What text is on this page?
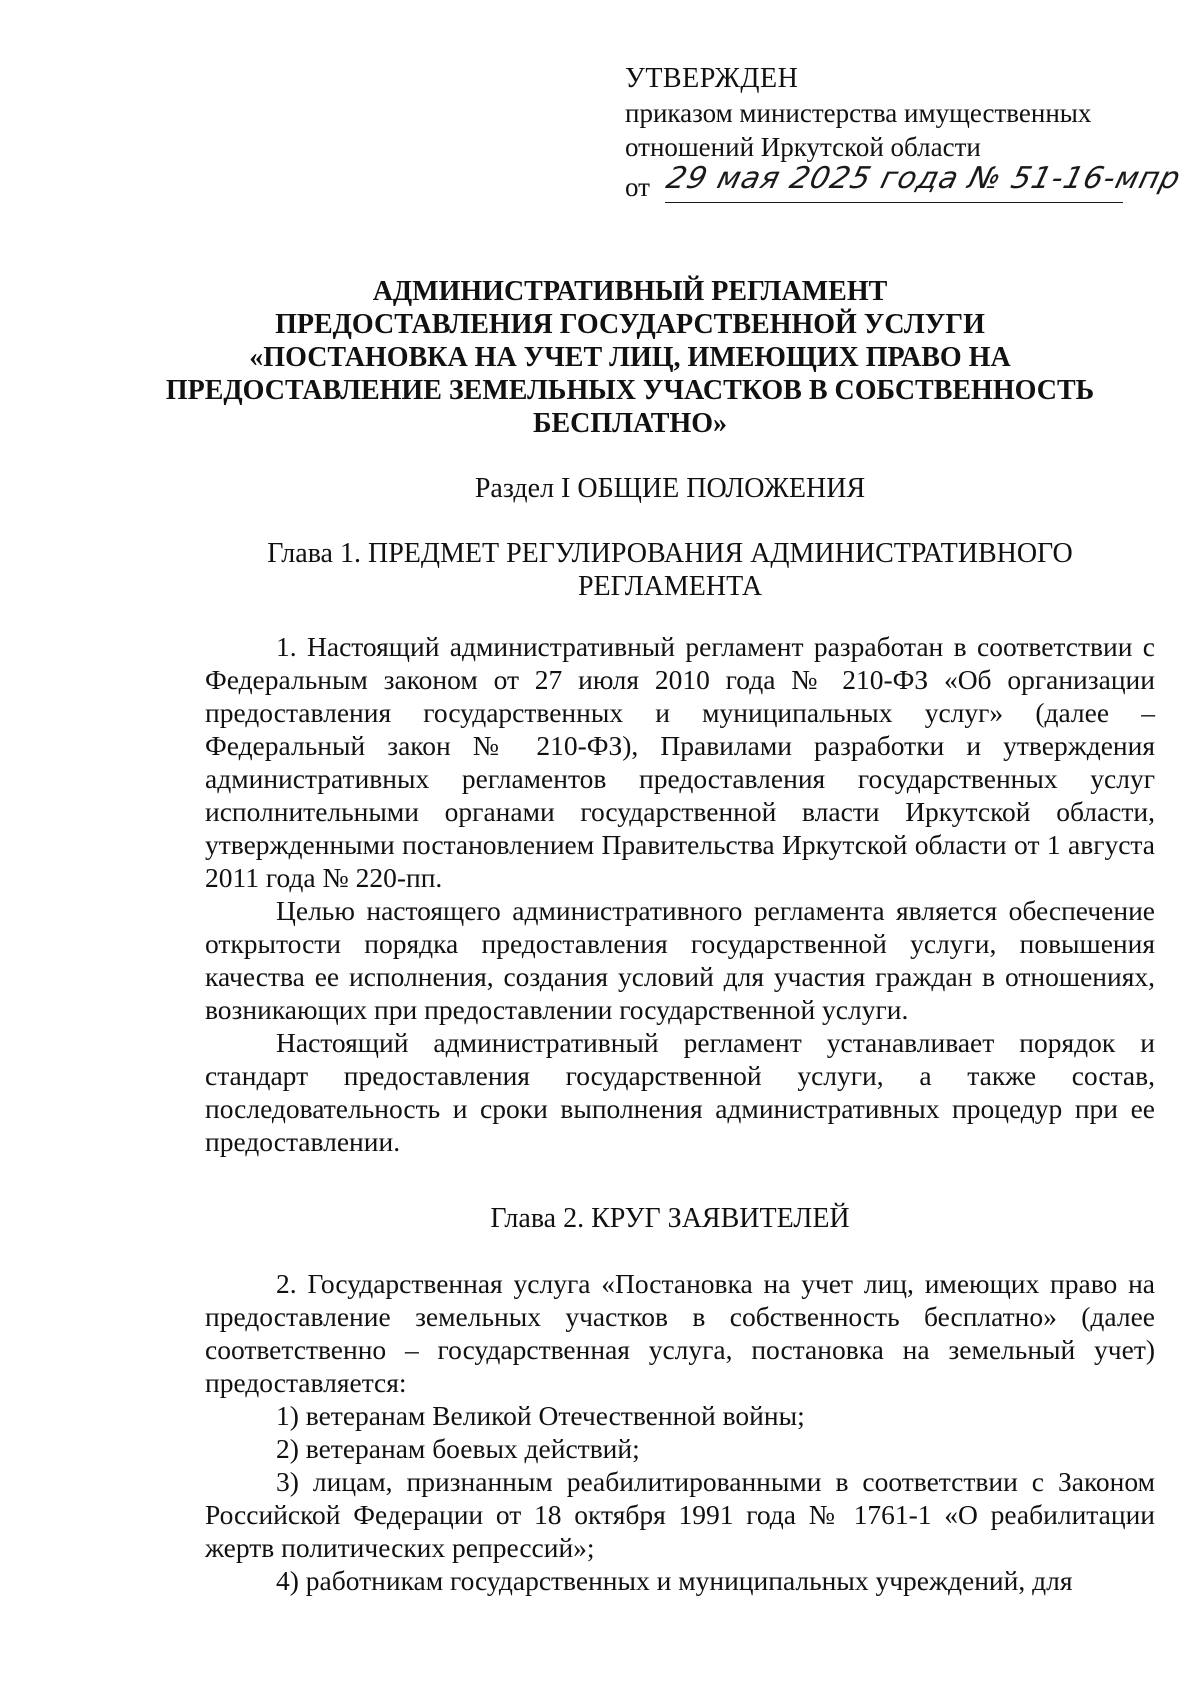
УТВЕРЖДЕН
приказом министерства имущественных
отношений Иркутской области
от 29 мая 2025 года № 51-16-мпр
АДМИНИСТРАТИВНЫЙ РЕГЛАМЕНТ
ПРЕДОСТАВЛЕНИЯ ГОСУДАРСТВЕННОЙ УСЛУГИ
«ПОСТАНОВКА НА УЧЕТ ЛИЦ, ИМЕЮЩИХ ПРАВО НА
ПРЕДОСТАВЛЕНИЕ ЗЕМЕЛЬНЫХ УЧАСТКОВ В СОБСТВЕННОСТЬ
БЕСПЛАТНО»
Раздел I ОБЩИЕ ПОЛОЖЕНИЯ
Глава 1. ПРЕДМЕТ РЕГУЛИРОВАНИЯ АДМИНИСТРАТИВНОГО
РЕГЛАМЕНТА

1. Настоящий административный регламент разработан в соответствии с Федеральным законом от 27 июля 2010 года № 210-ФЗ «Об организации предоставления государственных и муниципальных услуг» (далее – Федеральный закон № 210-ФЗ), Правилами разработки и утверждения административных регламентов предоставления государственных услуг исполнительными органами государственной власти Иркутской области, утвержденными постановлением Правительства Иркутской области от 1 августа 2011 года № 220-пп.

Целью настоящего административного регламента является обеспечение открытости порядка предоставления государственной услуги, повышения качества ее исполнения, создания условий для участия граждан в отношениях, возникающих при предоставлении государственной услуги.

Настоящий административный регламент устанавливает порядок и стандарт предоставления государственной услуги, а также состав, последовательность и сроки выполнения административных процедур при ее предоставлении.

Глава 2. КРУГ ЗАЯВИТЕЛЕЙ

2. Государственная услуга «Постановка на учет лиц, имеющих право на предоставление земельных участков в собственность бесплатно» (далее соответственно – государственная услуга, постановка на земельный учет) предоставляется:

1) ветеранам Великой Отечественной войны;

2) ветеранам боевых действий;

3) лицам, признанным реабилитированными в соответствии с Законом Российской Федерации от 18 октября 1991 года № 1761-1 «О реабилитации жертв политических репрессий»;

4) работникам государственных и муниципальных учреждений, для
